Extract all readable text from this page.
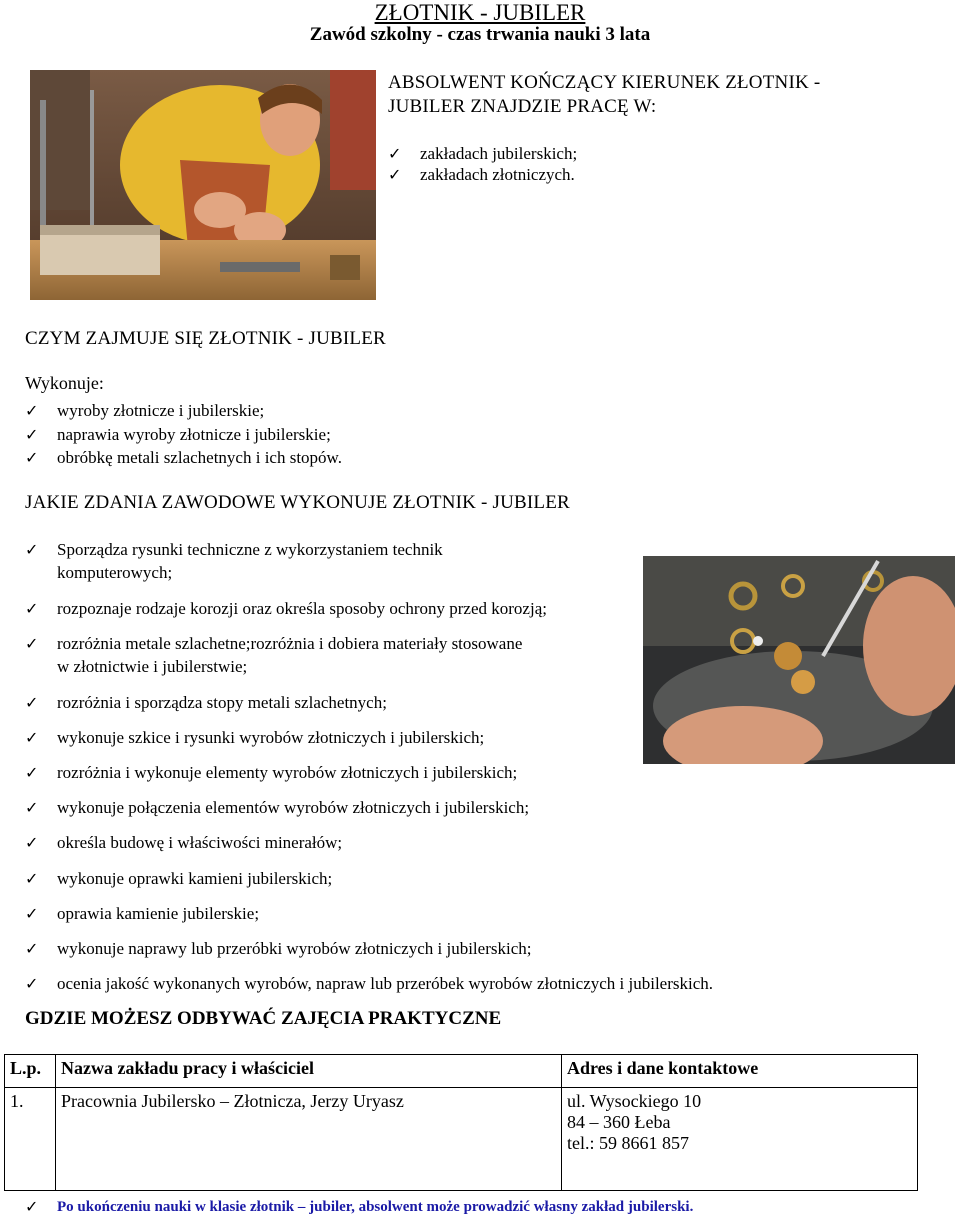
ZŁOTNIK - JUBILER
Zawód szkolny - czas trwania nauki 3 lata
ABSOLWENT KOŃCZĄCY KIERUNEK ZŁOTNIK -
JUBILER ZNAJDZIE PRACĘ W:
✓ zakładach jubilerskich;
✓ zakładach złotniczych.
CZYM ZAJMUJE SIĘ ZŁOTNIK - JUBILER
Wykonuje:
✓ wyroby złotnicze i jubilerskie;
✓ naprawia wyroby złotnicze i jubilerskie;
✓ obróbkę metali szlachetnych i ich stopów.
JAKIE ZDANIA ZAWODOWE WYKONUJE ZŁOTNIK - JUBILER
✓ Sporządza rysunki techniczne z wykorzystaniem technik
komputerowych;
✓ rozpoznaje rodzaje korozji oraz określa sposoby ochrony przed korozją;
✓ rozróżnia metale szlachetne;rozróżnia i dobiera materiały stosowane
w złotnictwie i jubilerstwie;
✓ rozróżnia i sporządza stopy metali szlachetnych;
✓ wykonuje szkice i rysunki wyrobów złotniczych i jubilerskich;
✓ rozróżnia i wykonuje elementy wyrobów złotniczych i jubilerskich;
✓ wykonuje połączenia elementów wyrobów złotniczych i jubilerskich;
✓ określa budowę i właściwości minerałów;
✓ wykonuje oprawki kamieni jubilerskich;
✓ oprawia kamienie jubilerskie;
✓ wykonuje naprawy lub przeróbki wyrobów złotniczych i jubilerskich;
✓ ocenia jakość wykonanych wyrobów, napraw lub przeróbek wyrobów złotniczych i jubilerskich.
GDZIE MOŻESZ ODBYWAĆ ZAJĘCIA PRAKTYCZNE
L.p.	Nazwa zakładu pracy i właściciel	Adres i dane kontaktowe
1.	Pracownia Jubilersko – Złotnicza, Jerzy Uryasz	ul. Wysockiego 10
84 – 360 Łeba
tel.: 59 8661 857
✓ Po ukończeniu nauki w klasie złotnik – jubiler, absolwent może prowadzić własny zakład jubilerski.
